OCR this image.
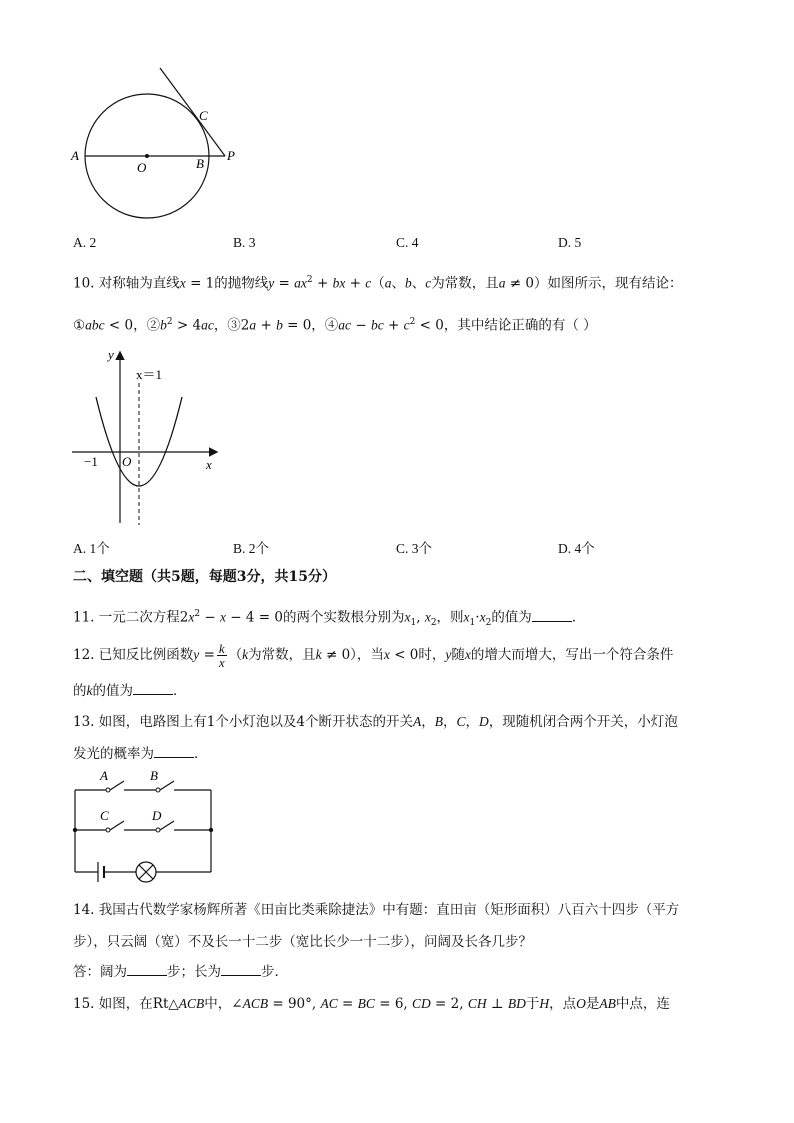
A
O	B
P
C
A. 2	B. 3	C. 4	D. 5
10. 对称轴为直线x = 1的抛物线$y = ax^2$ + bx + c（a、b、c为常数，且a ≠ 0）如图所示，现有结论：
①abc < 0，$②b^2 > 4ac$，③2a + b = 0，④ac − bc + $c^2 < 0$，其中结论正确的有（ ）
y
x
x＝1
−1 O
A. 1个	B. 2个	C. 3个	D. 4个
二、填空题（共5题，每题3分，共15分）
11. 一元二次方程$2x^2 - x - 4 = 0$的两个实数根分别为$x_1$, $x_2$，则$x_1\cdot x_2$的值为	．
12. 已知反比例函数$y = \frac{k}{x} (k$为常数，且k ≠ 0），当x < 0时，y随x的增大而增大，写出一个符合条件
的k的值为	．
13. 如图，电路图上有1个小灯泡以及4个断开状态的开关A，B，C，D，现随机闭合两个开关，小灯泡
发光的概率为	．
A	B
C	D
14. 我国古代数学家杨辉所著《田亩比类乘除捷法》中有题：直田亩（矩形面积）八百六十四步（平方
步），只云阔（宽）不及长一十二步（宽比长少一十二步），问阔及长各几步？
答：阔为	步；长为	步．
15. 如图，在Rt△ACB中，∠ACB = 90°, AC = BC = 6, CD = 2, CH ⊥ BD于H，点O是AB中点，连
